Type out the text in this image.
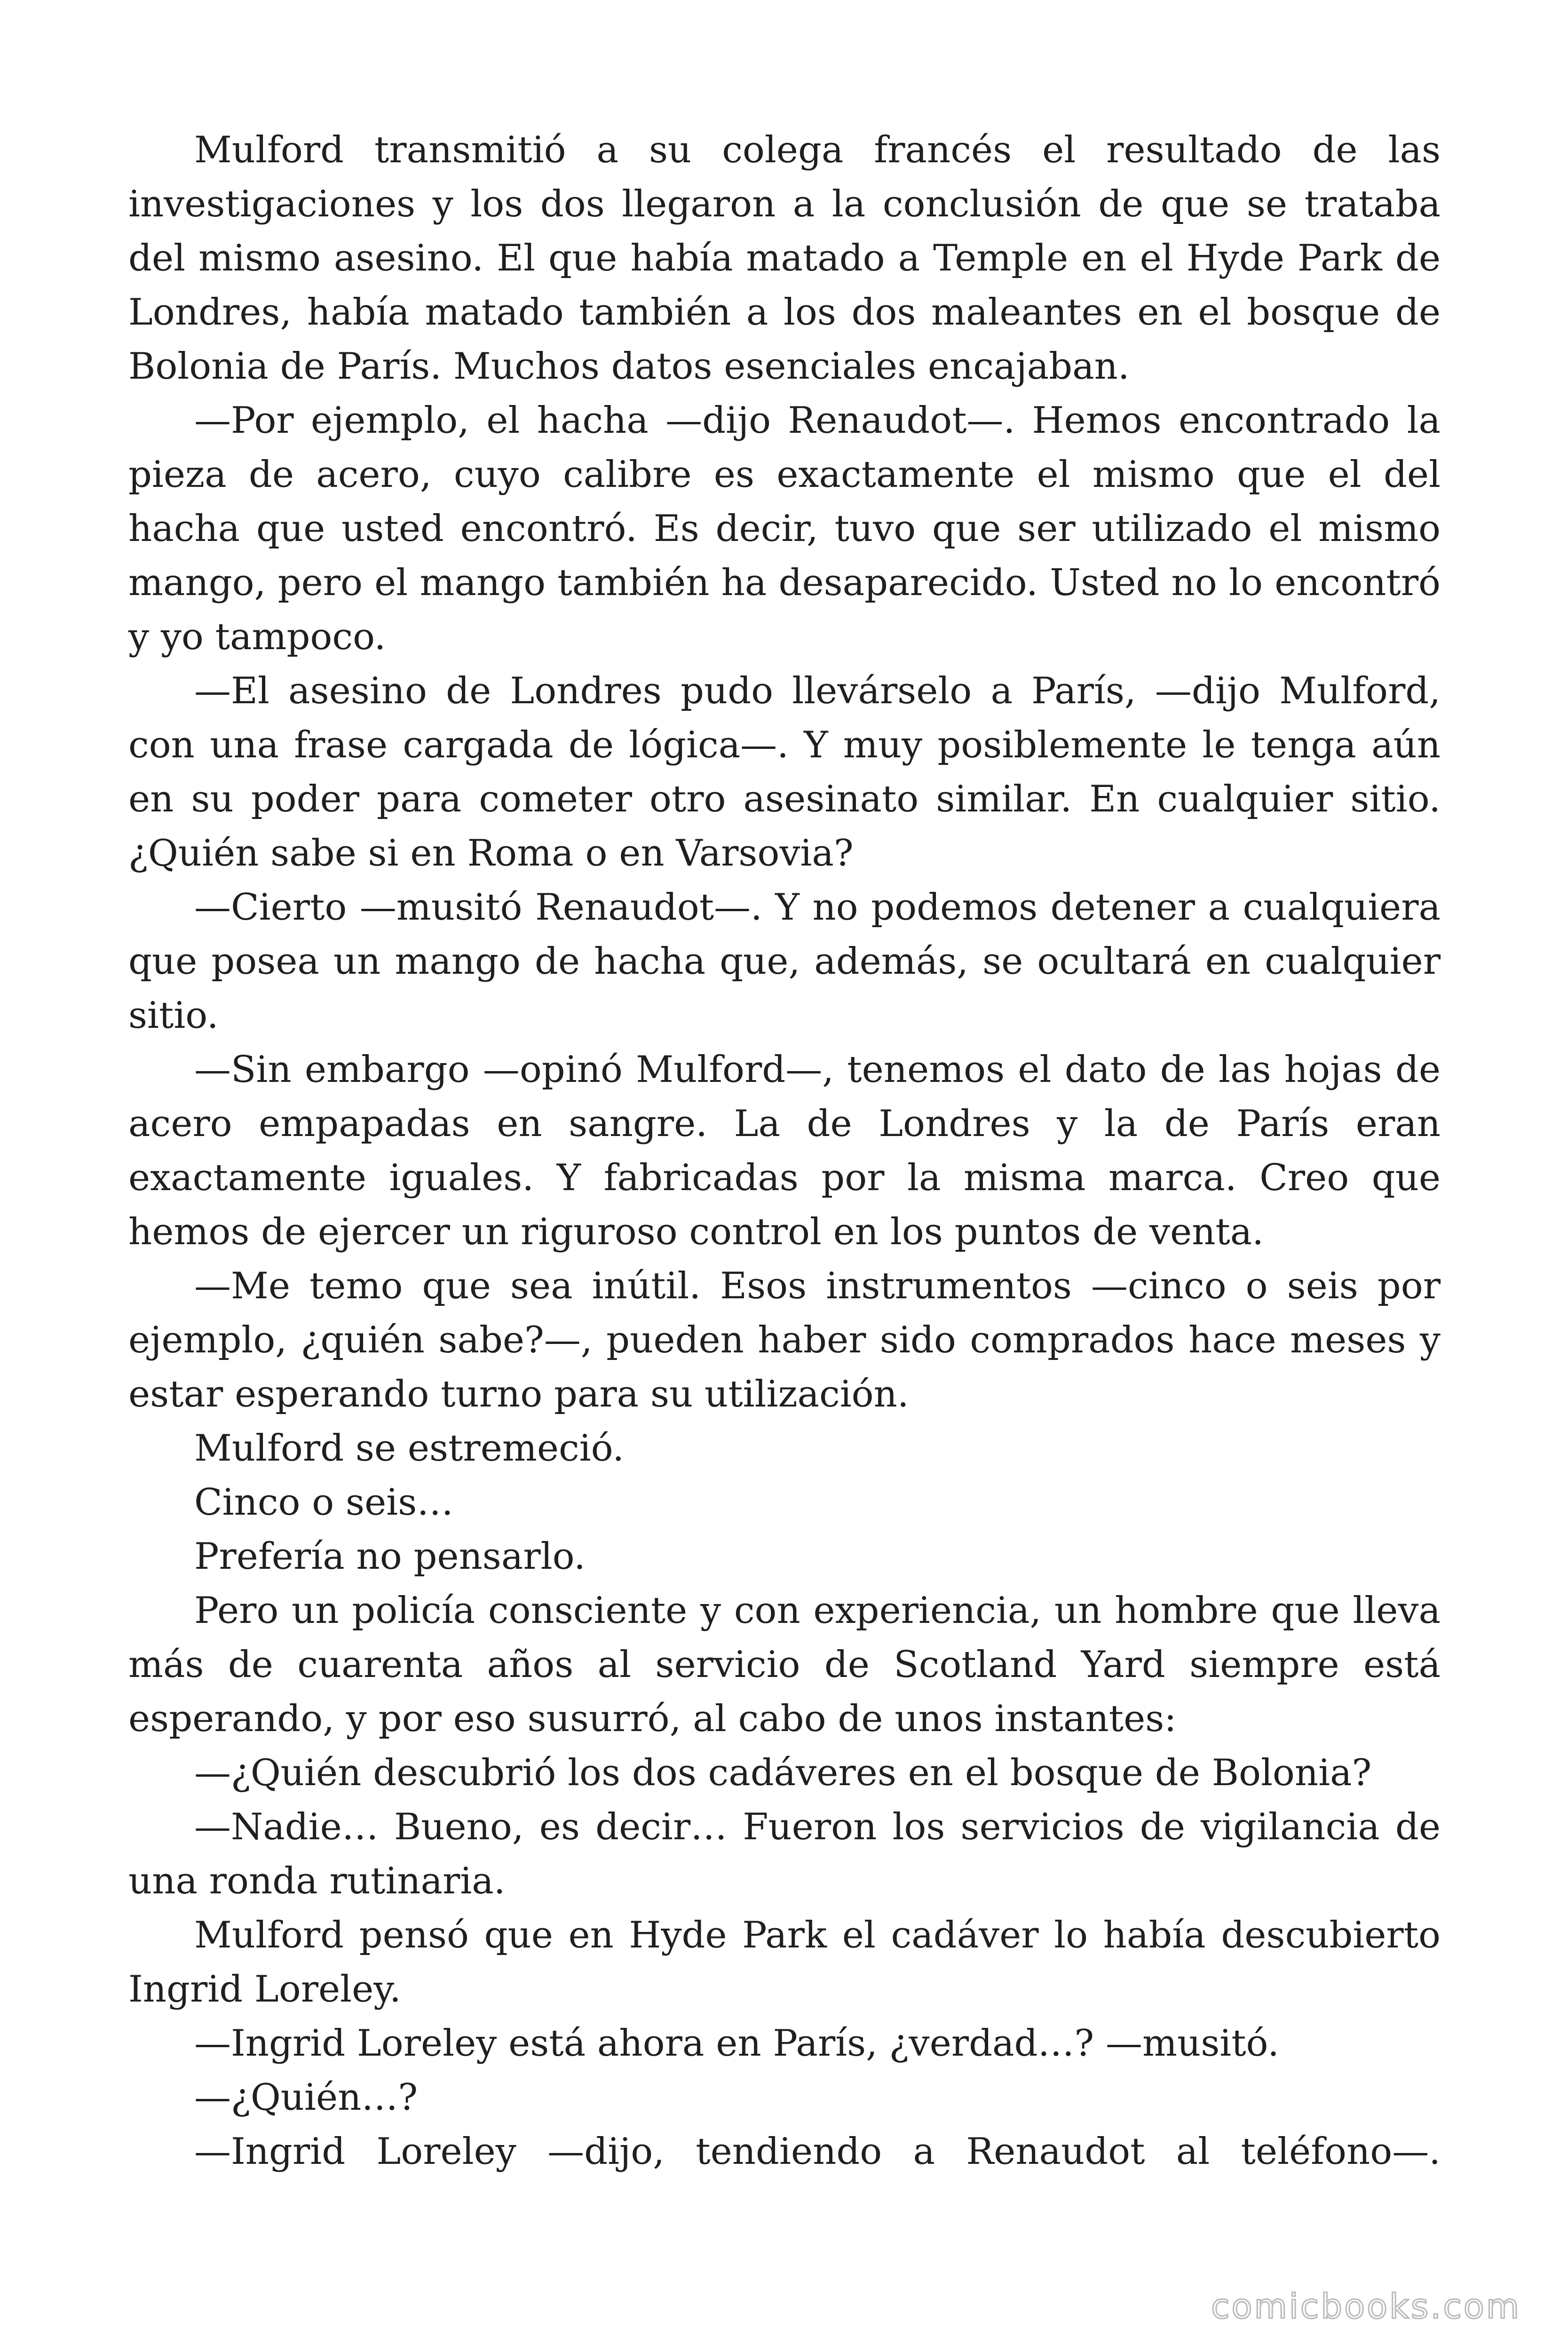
Mulford transmitió a su colega francés el resultado de las investigaciones y los dos llegaron a la conclusión de que se trataba del mismo asesino. El que había matado a Temple en el Hyde Park de Londres, había matado también a los dos maleantes en el bosque de Bolonia de París. Muchos datos esenciales encajaban.

—Por ejemplo, el hacha —dijo Renaudot—. Hemos encontrado la pieza de acero, cuyo calibre es exactamente el mismo que el del hacha que usted encontró. Es decir, tuvo que ser utilizado el mismo mango, pero el mango también ha desaparecido. Usted no lo encontró y yo tampoco.

—El asesino de Londres pudo llevárselo a París, —dijo Mulford, con una frase cargada de lógica—. Y muy posiblemente le tenga aún en su poder para cometer otro asesinato similar. En cualquier sitio. ¿Quién sabe si en Roma o en Varsovia?

—Cierto —musitó Renaudot—. Y no podemos detener a cualquiera que posea un mango de hacha que, además, se ocultará en cualquier sitio.

—Sin embargo —opinó Mulford—, tenemos el dato de las hojas de acero empapadas en sangre. La de Londres y la de París eran exactamente iguales. Y fabricadas por la misma marca. Creo que hemos de ejercer un riguroso control en los puntos de venta.

—Me temo que sea inútil. Esos instrumentos —cinco o seis por ejemplo, ¿quién sabe?—, pueden haber sido comprados hace meses y estar esperando turno para su utilización.

Mulford se estremeció.

Cinco o seis…

Prefería no pensarlo.

Pero un policía consciente y con experiencia, un hombre que lleva más de cuarenta años al servicio de Scotland Yard siempre está esperando, y por eso susurró, al cabo de unos instantes:

—¿Quién descubrió los dos cadáveres en el bosque de Bolonia?

—Nadie… Bueno, es decir… Fueron los servicios de vigilancia de una ronda rutinaria.

Mulford pensó que en Hyde Park el cadáver lo había descubierto Ingrid Loreley.

—Ingrid Loreley está ahora en París, ¿verdad…? —musitó.

—¿Quién…?

—Ingrid Loreley —dijo, tendiendo a Renaudot al teléfono—.

comicbooks.com
